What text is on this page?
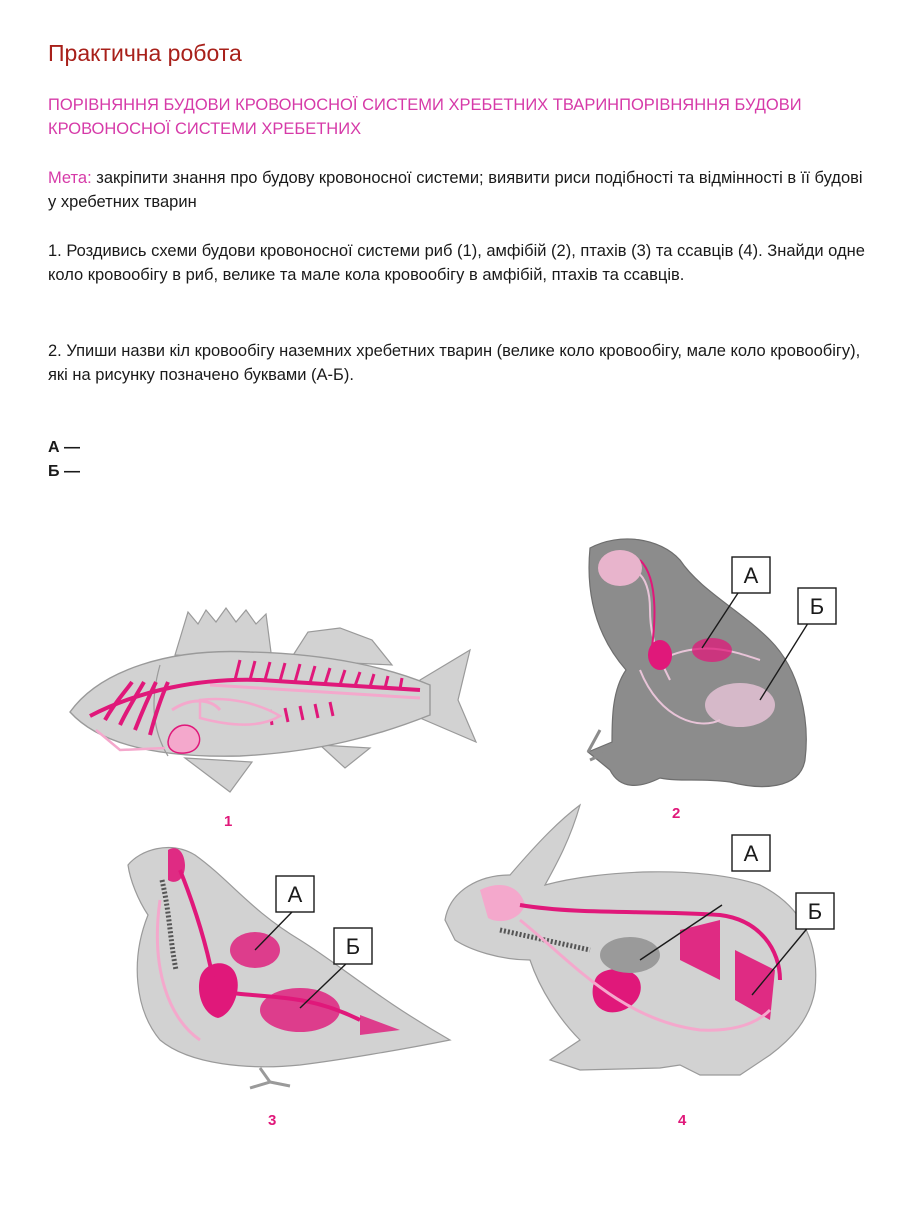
Практична робота
ПОРІВНЯННЯ БУДОВИ КРОВОНОСНОЇ СИСТЕМИ ХРЕБЕТНИХ ТВАРИНПОРІВНЯННЯ БУДОВИ КРОВОНОСНОЇ СИСТЕМИ ХРЕБЕТНИХ
Мета: закріпити знання про будову кровоносної системи; виявити риси подібності та відмінності в її будові у хребетних тварин
1. Роздивись схеми будови кровоносної системи риб (1), амфібій (2), птахів (3) та ссавців (4). Знайди одне коло кровообігу в риб, велике та мале кола кровообігу в амфібій, птахів та ссавців.
2. Упиши назви кіл кровообігу наземних хребетних тварин (велике коло кровообігу, мале коло кровообігу), які на рисунку позначено буквами (А-Б).
А —
Б —
1
А
Б
2
А
Б
3
А
Б
4
